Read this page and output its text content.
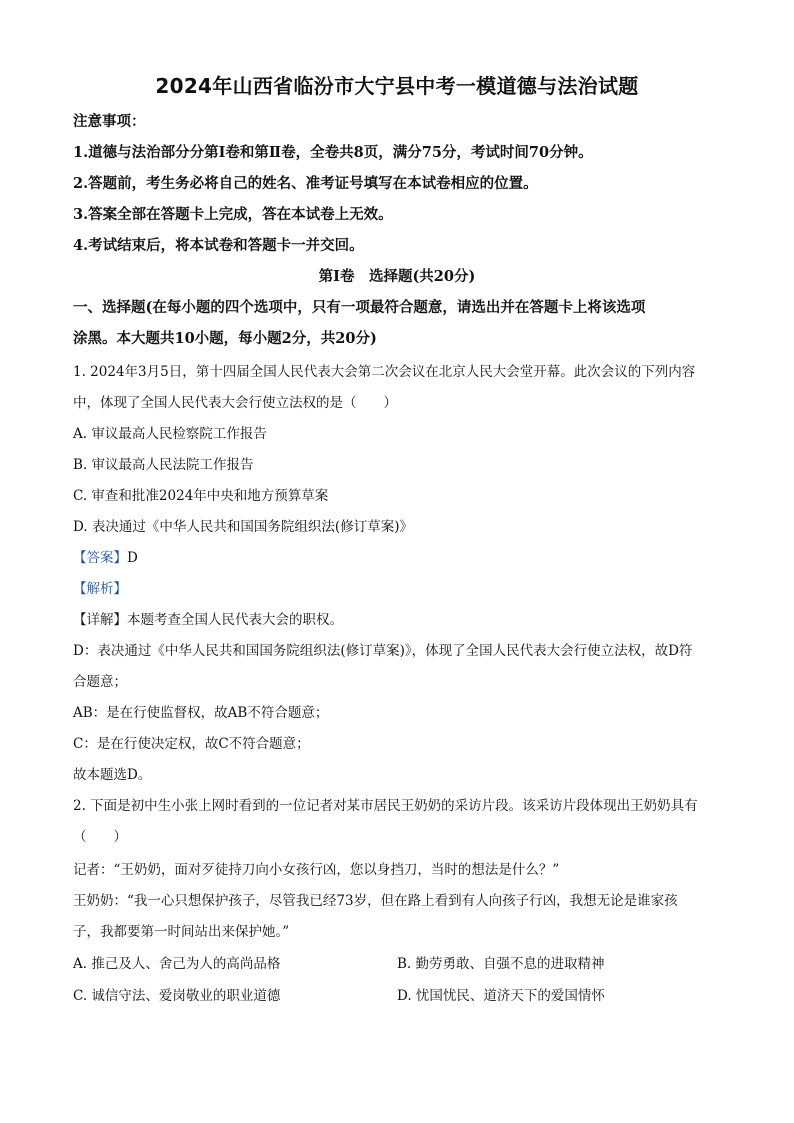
2024年山西省临汾市大宁县中考一模道德与法治试题
注意事项：
1.道德与法治部分分第Ⅰ卷和第Ⅱ卷，全卷共8页，满分75分，考试时间70分钟。
2.答题前，考生务必将自己的姓名、准考证号填写在本试卷相应的位置。
3.答案全部在答题卡上完成，答在本试卷上无效。
4.考试结束后，将本试卷和答题卡一并交回。
第Ⅰ卷　选择题(共20分)
一、选择题(在每小题的四个选项中，只有一项最符合题意，请选出并在答题卡上将该选项
涂黑。本大题共10小题，每小题2分，共20分)
1. 2024年3月5日，第十四届全国人民代表大会第二次会议在北京人民大会堂开幕。此次会议的下列内容
中，体现了全国人民代表大会行使立法权的是（　　）
A. 审议最高人民检察院工作报告
B. 审议最高人民法院工作报告
C. 审查和批准2024年中央和地方预算草案
D. 表决通过《中华人民共和国国务院组织法(修订草案)》
【答案】D
【解析】
【详解】本题考查全国人民代表大会的职权。
D：表决通过《中华人民共和国国务院组织法(修订草案)》，体现了全国人民代表大会行使立法权，故D符
合题意；
AB：是在行使监督权，故AB不符合题意；
C：是在行使决定权，故C不符合题意；
故本题选D。
2. 下面是初中生小张上网时看到的一位记者对某市居民王奶奶的采访片段。该采访片段体现出王奶奶具有
（　　）
记者：“王奶奶，面对歹徒持刀向小女孩行凶，您以身挡刀，当时的想法是什么？”
王奶奶：“我一心只想保护孩子，尽管我已经73岁，但在路上看到有人向孩子行凶，我想无论是谁家孩
子，我都要第一时间站出来保护她。”
A. 推己及人、舍己为人的高尚品格	B. 勤劳勇敢、自强不息的进取精神
C. 诚信守法、爱岗敬业的职业道德	D. 忧国忧民、道济天下的爱国情怀
